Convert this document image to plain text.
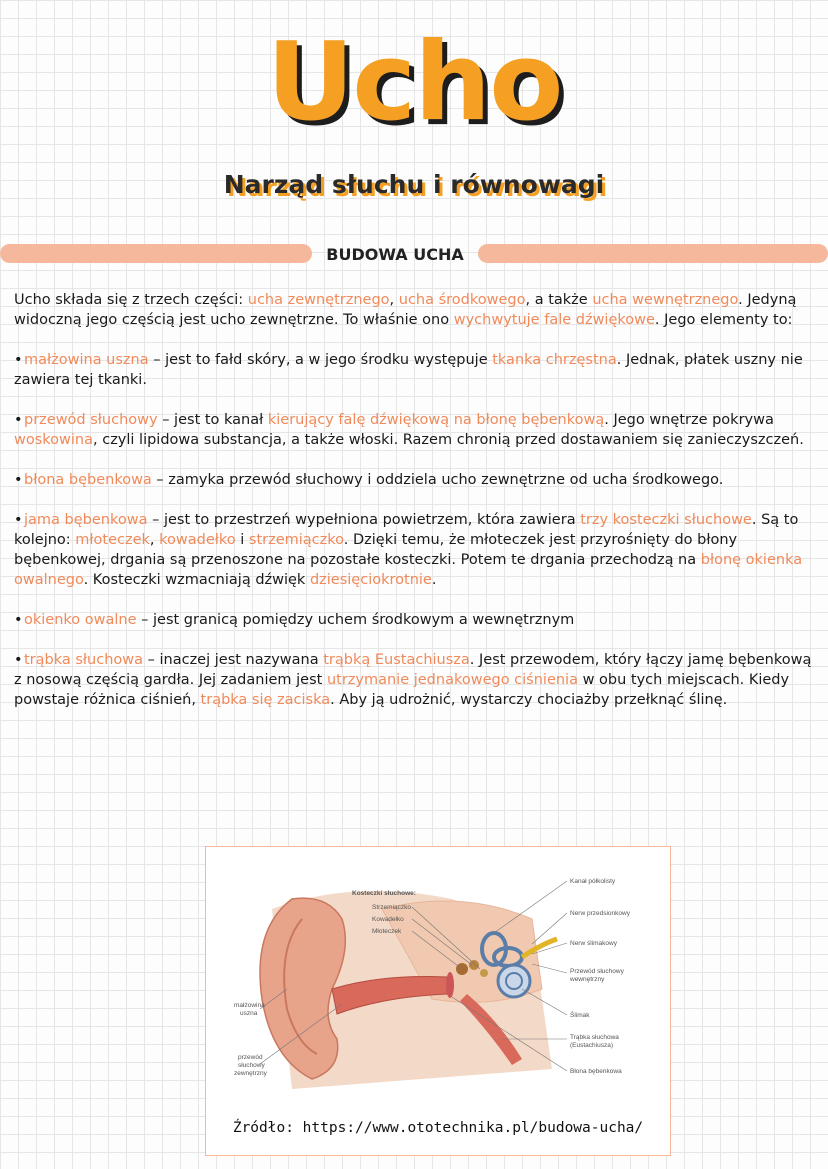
Ucho
Narząd słuchu i równowagi
BUDOWA UCHA

Ucho składa się z trzech części: ucha zewnętrznego, ucha środkowego, a także ucha wewnętrznego. Jedyną widoczną jego częścią jest ucho zewnętrzne. To właśnie ono wychwytuje fale dźwiękowe. Jego elementy to:

•małżowina uszna – jest to fałd skóry, a w jego środku występuje tkanka chrzęstna. Jednak, płatek uszny nie zawiera tej tkanki.

•przewód słuchowy – jest to kanał kierujący falę dźwiękową na błonę bębenkową. Jego wnętrze pokrywa woskowina, czyli lipidowa substancja, a także włoski. Razem chronią przed dostawaniem się zanieczyszczeń.

•błona bębenkowa – zamyka przewód słuchowy i oddziela ucho zewnętrzne od ucha środkowego.

•jama bębenkowa – jest to przestrzeń wypełniona powietrzem, która zawiera trzy kosteczki słuchowe. Są to kolejno: młoteczek, kowadełko i strzemiączko. Dzięki temu, że młoteczek jest przyrośnięty do błony bębenkowej, drgania są przenoszone na pozostałe kosteczki. Potem te drgania przechodzą na błonę okienka owalnego. Kosteczki wzmacniają dźwięk dziesięciokrotnie.

•okienko owalne – jest granicą pomiędzy uchem środkowym a wewnętrznym

•trąbka słuchowa – inaczej jest nazywana trąbką Eustachiusza. Jest przewodem, który łączy jamę bębenkową z nosową częścią gardła. Jej zadaniem jest utrzymanie jednakowego ciśnienia w obu tych miejscach. Kiedy powstaje różnica ciśnień, trąbka się zaciska. Aby ją udrożnić, wystarczy chociażby przełknąć ślinę.

Kosteczki słuchowe:
Strzemiączko
Kowadełko
Młoteczek
Kanał półkolisty
Nerw przedsionkowy
Nerw ślimakowy
Przewód słuchowy
wewnętrzny
Ślimak
Trąbka słuchowa
(Eustachiusza)
Błona bębenkowa
małżowina
uszna
przewód
słuchowy
zewnętrzny
Źródło: https://www.ototechnika.pl/budowa-ucha/
